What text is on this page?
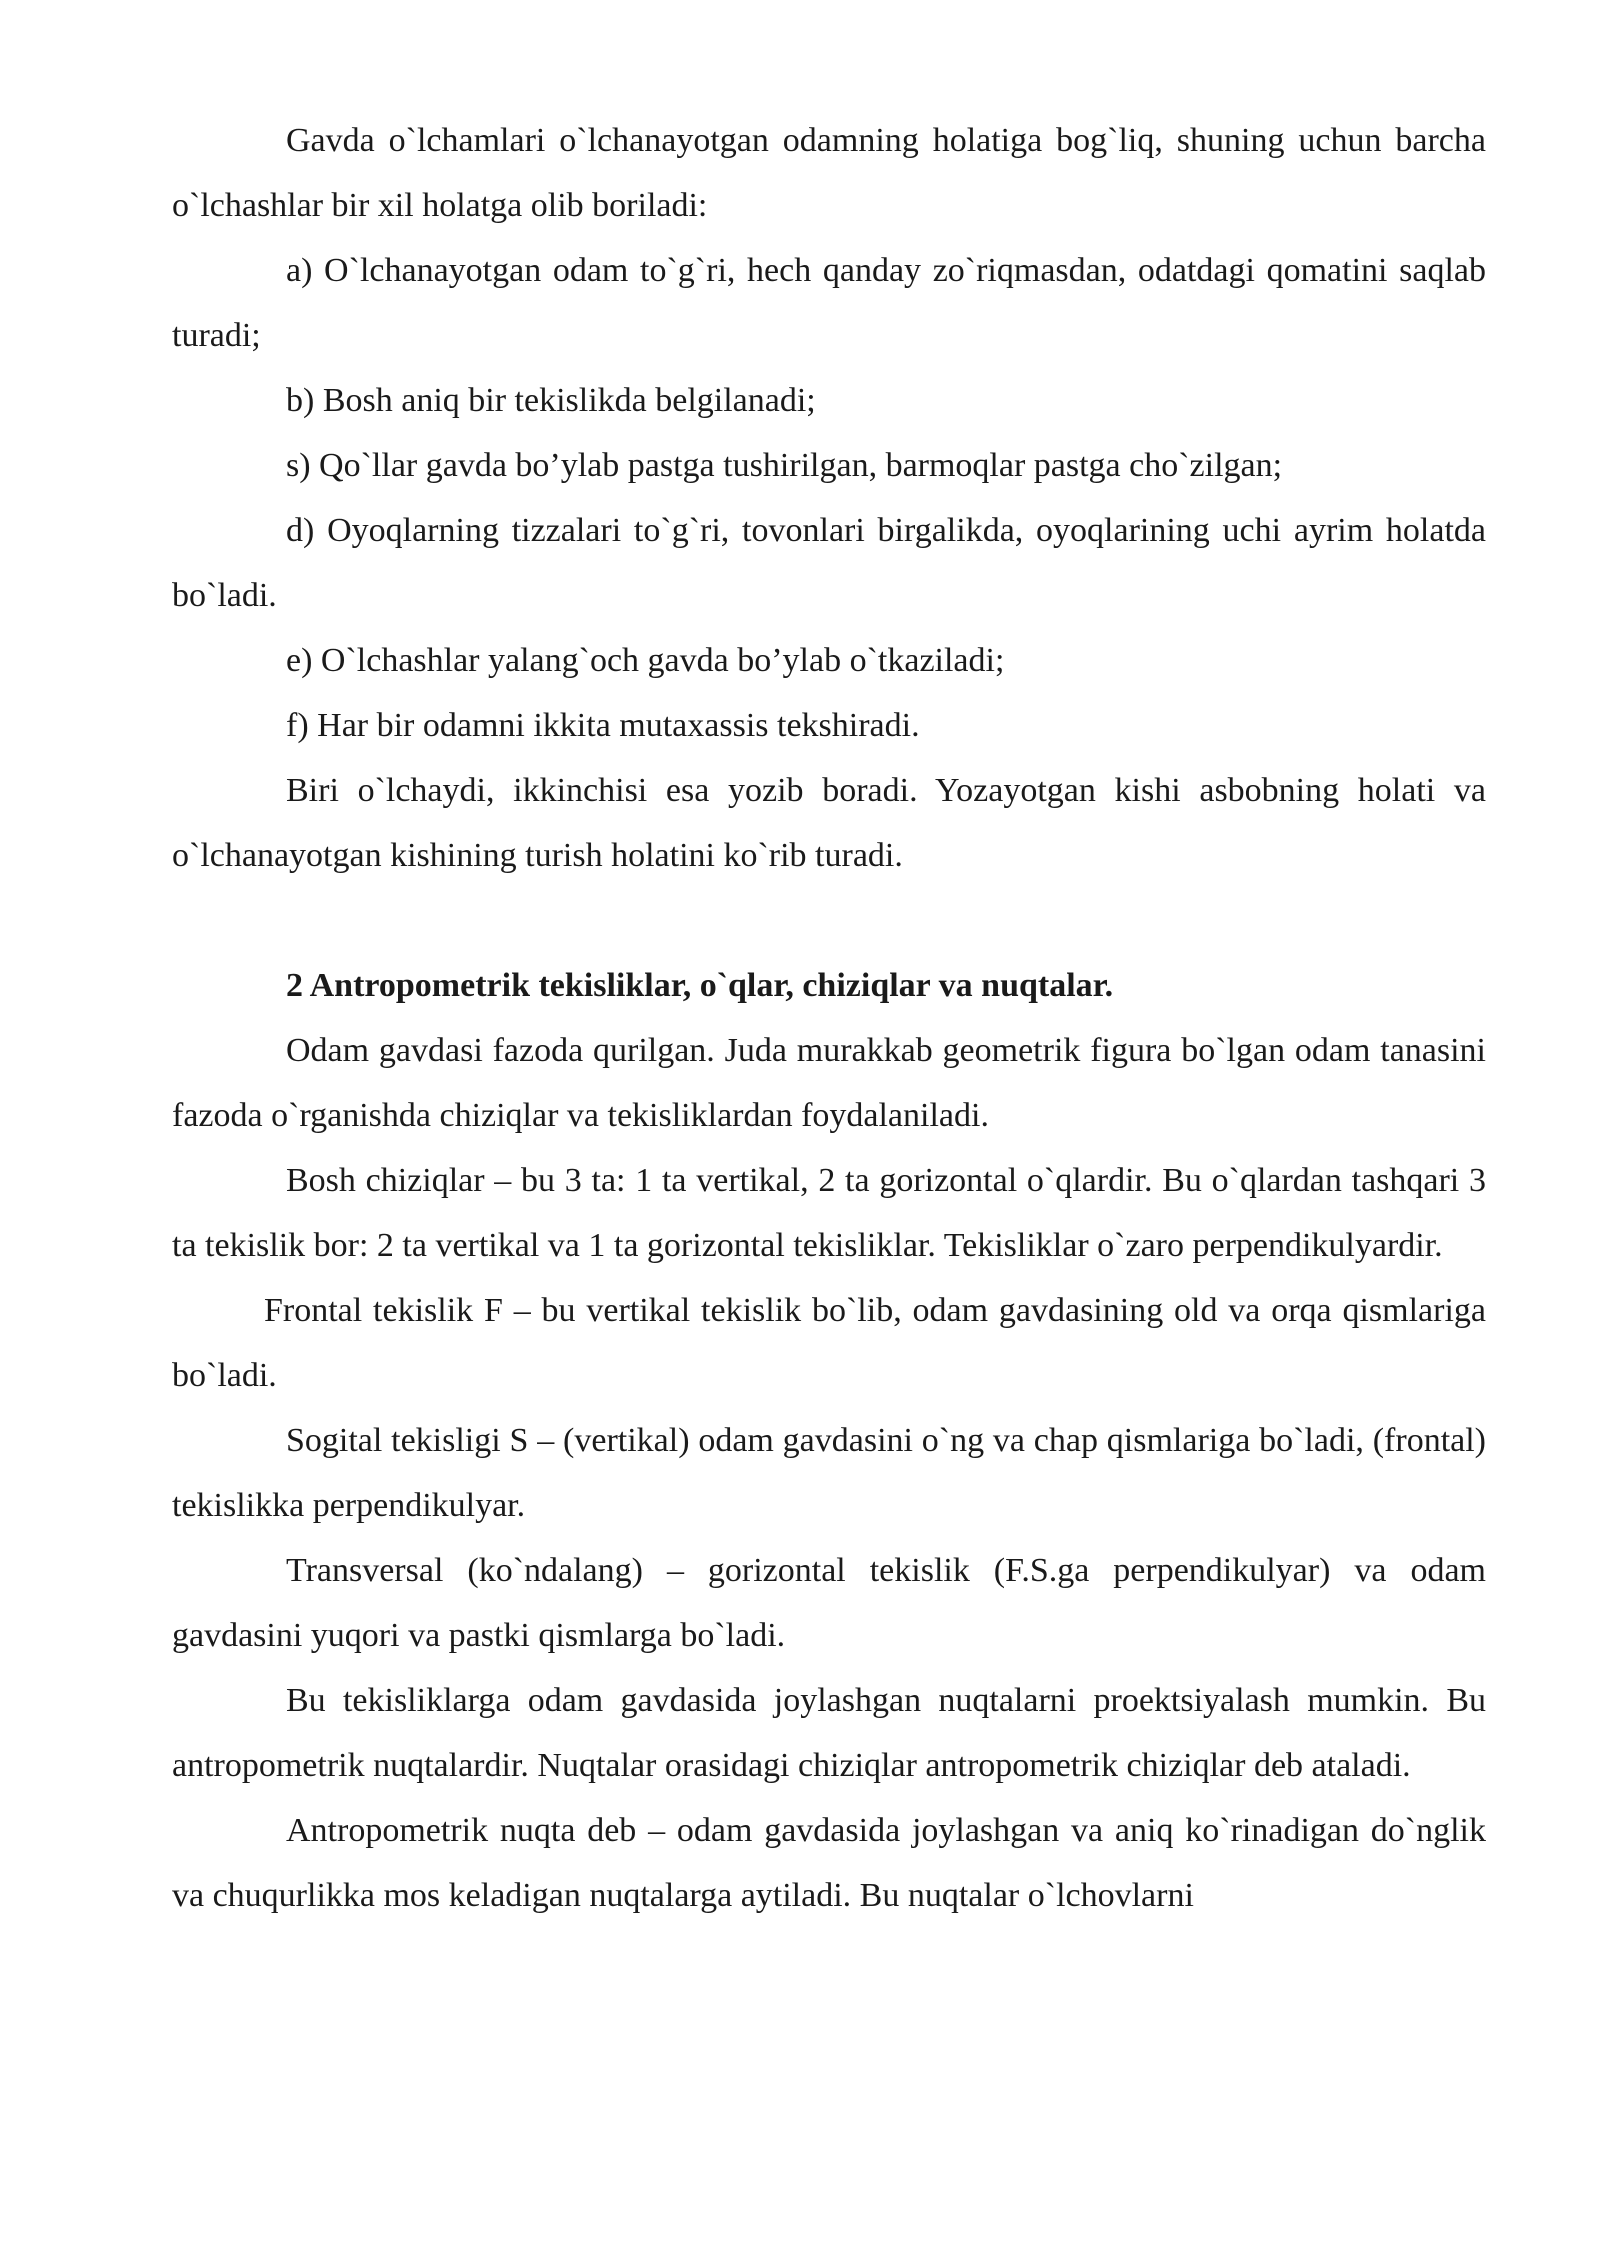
Gavda o`lchamlari o`lchanayotgan odamning holatiga bog`liq, shuning uchun barcha o`lchashlar bir xil holatga olib boriladi:

a) O`lchanayotgan odam to`g`ri, hech qanday zo`riqmasdan, odatdagi qomatini saqlab turadi;

b) Bosh aniq bir tekislikda belgilanadi;

s) Qo`llar gavda bo’ylab pastga tushirilgan, barmoqlar pastga cho`zilgan;

d) Oyoqlarning tizzalari to`g`ri, tovonlari birgalikda, oyoqlarining uchi ayrim holatda bo`ladi.

e) O`lchashlar yalang`och gavda bo’ylab o`tkaziladi;

f) Har bir odamni ikkita mutaxassis tekshiradi.

Biri o`lchaydi, ikkinchisi esa yozib boradi. Yozayotgan kishi asbobning holati va o`lchanayotgan kishining turish holatini ko`rib turadi.

2 Antropometrik tekisliklar, o`qlar, chiziqlar va nuqtalar.

Odam gavdasi fazoda qurilgan. Juda murakkab geometrik figura bo`lgan odam tanasini fazoda o`rganishda chiziqlar va tekisliklardan foydalaniladi.

Bosh chiziqlar – bu 3 ta: 1 ta vertikal, 2 ta gorizontal o`qlardir. Bu o`qlardan tashqari 3 ta tekislik bor: 2 ta vertikal va 1 ta gorizontal tekisliklar. Tekisliklar o`zaro perpendikulyardir.

Frontal tekislik F – bu vertikal tekislik bo`lib, odam gavdasining old va orqa qismlariga bo`ladi.

Sogital tekisligi S – (vertikal) odam gavdasini o`ng va chap qismlariga bo`ladi, (frontal) tekislikka perpendikulyar.

Transversal (ko`ndalang) – gorizontal tekislik (F.S.ga perpendikulyar) va odam gavdasini yuqori va pastki qismlarga bo`ladi.

Bu tekisliklarga odam gavdasida joylashgan nuqtalarni proektsiyalash mumkin. Bu antropometrik nuqtalardir. Nuqtalar orasidagi chiziqlar antropometrik chiziqlar deb ataladi.

Antropometrik nuqta deb – odam gavdasida joylashgan va aniq ko`rinadigan do`nglik va chuqurlikka mos keladigan nuqtalarga aytiladi. Bu nuqtalar o`lchovlarni
